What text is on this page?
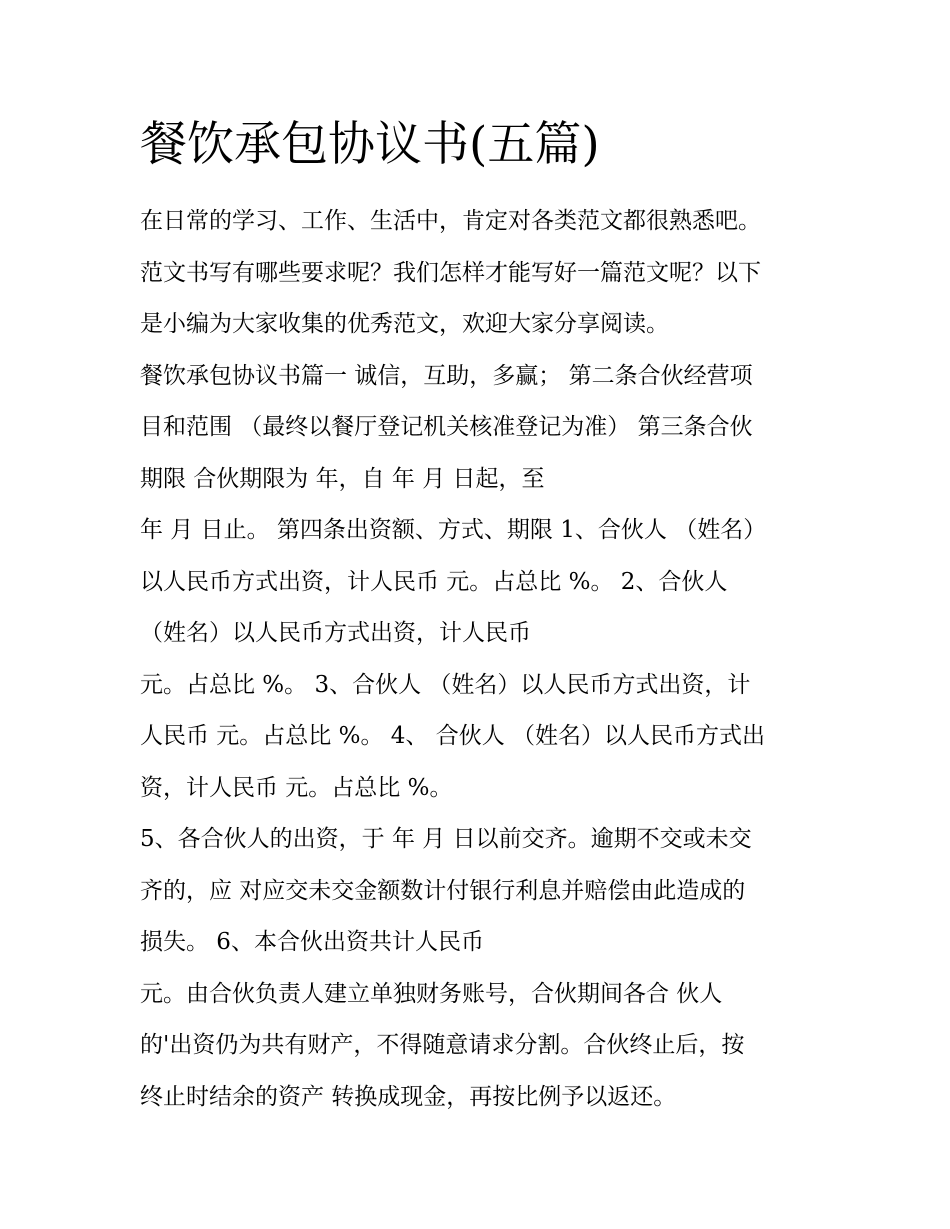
餐饮承包协议书(五篇)
在日常的学习、工作、生活中，肯定对各类范文都很熟悉吧。
范文书写有哪些要求呢？我们怎样才能写好一篇范文呢？以下
是小编为大家收集的优秀范文，欢迎大家分享阅读。
餐饮承包协议书篇一 诚信，互助，多赢； 第二条合伙经营项
目和范围 （最终以餐厅登记机关核准登记为准） 第三条合伙
期限 合伙期限为 年，自 年 月 日起，至
年 月 日止。 第四条出资额、方式、期限 1、合伙人 （姓名）
以人民币方式出资，计人民币 元。占总比 %。 2、合伙人
（姓名）以人民币方式出资，计人民币
元。占总比 %。 3、合伙人 （姓名）以人民币方式出资，计
人民币 元。占总比 %。 4、 合伙人 （姓名）以人民币方式出
资，计人民币 元。占总比 %。
5、各合伙人的出资，于 年 月 日以前交齐。逾期不交或未交
齐的，应 对应交未交金额数计付银行利息并赔偿由此造成的
损失。 6、本合伙出资共计人民币
元。由合伙负责人建立单独财务账号，合伙期间各合 伙人
的'出资仍为共有财产，不得随意请求分割。合伙终止后，按
终止时结余的资产 转换成现金，再按比例予以返还。
